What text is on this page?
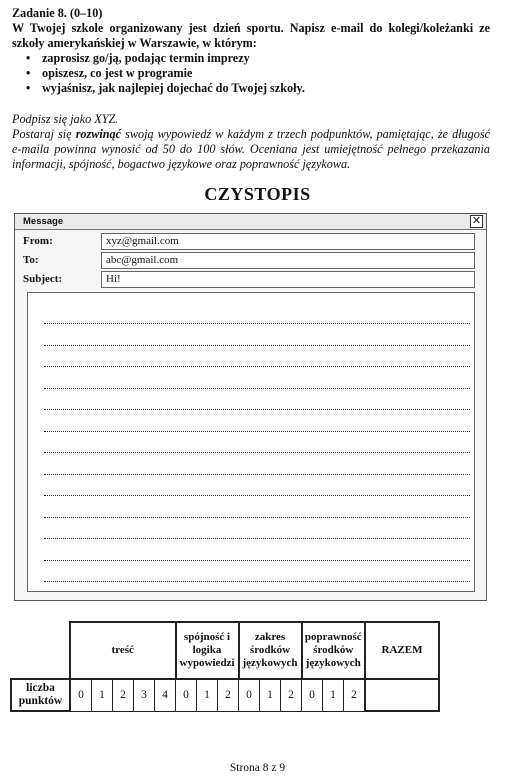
Zadanie 8. (0–10)
W Twojej szkole organizowany jest dzień sportu. Napisz e-mail do kolegi/koleżanki ze szkoły amerykańskiej w Warszawie, w którym:
• zaprosisz go/ją, podając termin imprezy
• opiszesz, co jest w programie
• wyjaśnisz, jak najlepiej dojechać do Twojej szkoły.
Podpisz się jako XYZ.
Postaraj się rozwinąć swoją wypowiedź w każdym z trzech podpunktów, pamiętając, że długość e-maila powinna wynosić od 50 do 100 słów. Oceniana jest umiejętność pełnego przekazania informacji, spójność, bogactwo językowe oraz poprawność językowa.
CZYSTOPIS
Message	✕
From:	xyz@gmail.com
To:	abc@gmail.com
Subject:	Hi!
	treść					spójność i logika wypowiedzi			zakres środków językowych			poprawność środków językowych			RAZEM
liczba punktów	0	1	2	3	4	0	1	2	0	1	2	0	1	2	
Strona 8 z 9
